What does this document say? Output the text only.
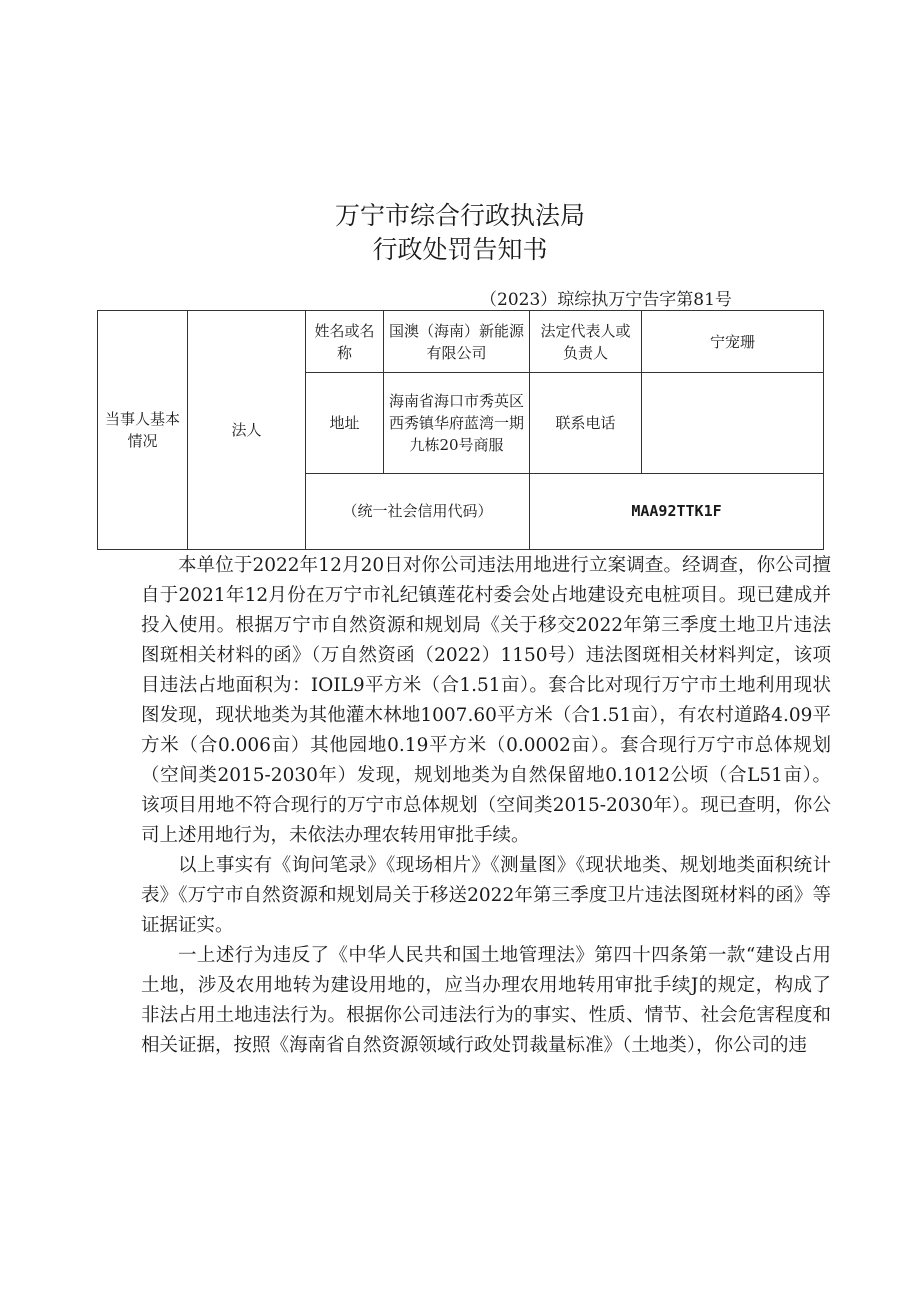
万宁市综合行政执法局
行政处罚告知书
（2023）琼综执万宁告字第81号
当事人基本情况	法人	姓名或名称	国澳（海南）新能源有限公司	法定代表人或负责人	宁宠珊
		地址	海南省海口市秀英区西秀镇华府蓝湾一期九栋20号商服	联系电话	
		（统一社会信用代码）		MAA92TTK1F	

本单位于2022年12月20日对你公司违法用地进行立案调查。经调查，你公司擅自于2021年12月份在万宁市礼纪镇莲花村委会处占地建设充电桩项目。现已建成并投入使用。根据万宁市自然资源和规划局《关于移交2022年第三季度土地卫片违法图斑相关材料的函》（万自然资函（2022）1150号）违法图斑相关材料判定，该项目违法占地面积为：IOIL9平方米（合1.51亩）。套合比对现行万宁市土地利用现状图发现，现状地类为其他灌木林地1007.60平方米（合1.51亩），有农村道路4.09平方米（合0.006亩）其他园地0.19平方米（0.0002亩）。套合现行万宁市总体规划（空间类2015-2030年）发现，规划地类为自然保留地0.1012公顷（合L51亩）。该项目用地不符合现行的万宁市总体规划（空间类2015-2030年）。现已查明，你公司上述用地行为，未依法办理农转用审批手续。

以上事实有《询问笔录》《现场相片》《测量图》《现状地类、规划地类面积统计表》《万宁市自然资源和规划局关于移送2022年第三季度卫片违法图斑材料的函》等证据证实。

一上述行为违反了《中华人民共和国土地管理法》第四十四条第一款“建设占用土地，涉及农用地转为建设用地的，应当办理农用地转用审批手续J的规定，构成了非法占用土地违法行为。根据你公司违法行为的事实、性质、情节、社会危害程度和相关证据，按照《海南省自然资源领域行政处罚裁量标准》（土地类），你公司的违
